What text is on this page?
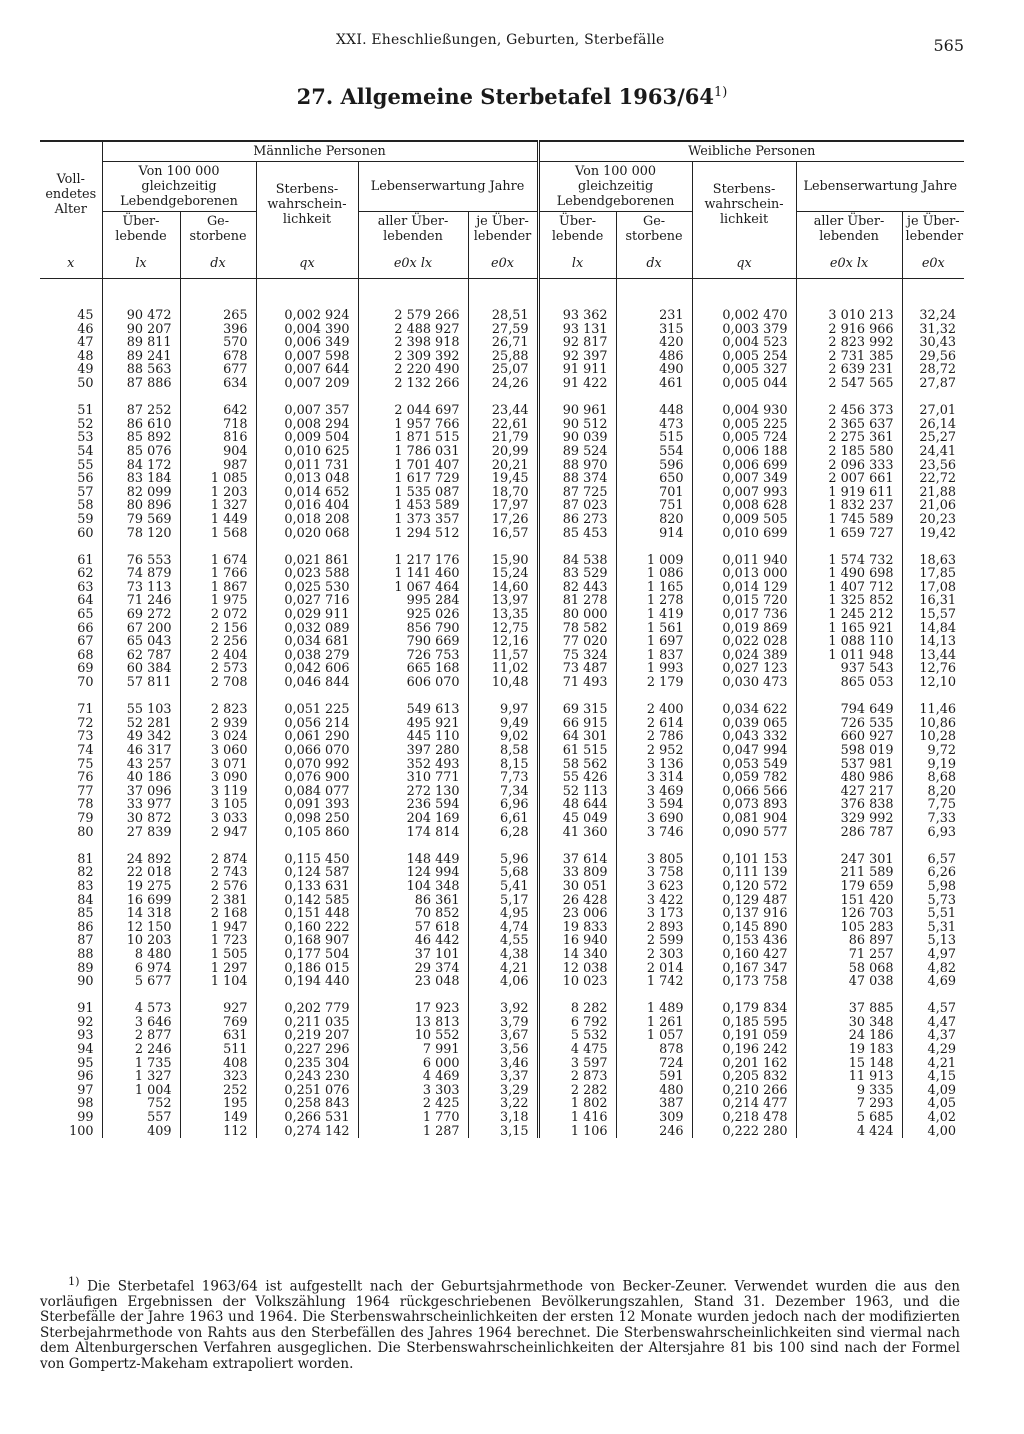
XXI. Eheschließungen, Geburten, Sterbefälle	565
27. Allgemeine Sterbetafel 1963/64$^{1)}$
Voll-endetes Alter	Männliche Personen					Weibliche Personen				
	Von 100 000 gleichzeitig Lebendgeborenen		Sterbens-wahrschein-lichkeit	Lebenserwartung Jahre		Von 100 000 gleichzeitig Lebendgeborenen		Sterbens-wahrschein-lichkeit	Lebenserwartung Jahre	
	Über-lebende	Ge-storbene		aller Über-lebenden	je Über-lebender	Über-lebende	Ge-storbene		aller Über-lebenden	je Über-lebender
x	lx	dx	qx	e0x lx	e0x	lx	dx	qx	e0x lx	e0x

45	90 472	265	0,002 924	2 579 266	28,51	93 362	231	0,002 470	3 010 213	32,24
46	90 207	396	0,004 390	2 488 927	27,59	93 131	315	0,003 379	2 916 966	31,32
47	89 811	570	0,006 349	2 398 918	26,71	92 817	420	0,004 523	2 823 992	30,43
48	89 241	678	0,007 598	2 309 392	25,88	92 397	486	0,005 254	2 731 385	29,56
49	88 563	677	0,007 644	2 220 490	25,07	91 911	490	0,005 327	2 639 231	28,72
50	87 886	634	0,007 209	2 132 266	24,26	91 422	461	0,005 044	2 547 565	27,87

51	87 252	642	0,007 357	2 044 697	23,44	90 961	448	0,004 930	2 456 373	27,01
52	86 610	718	0,008 294	1 957 766	22,61	90 512	473	0,005 225	2 365 637	26,14
53	85 892	816	0,009 504	1 871 515	21,79	90 039	515	0,005 724	2 275 361	25,27
54	85 076	904	0,010 625	1 786 031	20,99	89 524	554	0,006 188	2 185 580	24,41
55	84 172	987	0,011 731	1 701 407	20,21	88 970	596	0,006 699	2 096 333	23,56
56	83 184	1 085	0,013 048	1 617 729	19,45	88 374	650	0,007 349	2 007 661	22,72
57	82 099	1 203	0,014 652	1 535 087	18,70	87 725	701	0,007 993	1 919 611	21,88
58	80 896	1 327	0,016 404	1 453 589	17,97	87 023	751	0,008 628	1 832 237	21,06
59	79 569	1 449	0,018 208	1 373 357	17,26	86 273	820	0,009 505	1 745 589	20,23
60	78 120	1 568	0,020 068	1 294 512	16,57	85 453	914	0,010 699	1 659 727	19,42

61	76 553	1 674	0,021 861	1 217 176	15,90	84 538	1 009	0,011 940	1 574 732	18,63
62	74 879	1 766	0,023 588	1 141 460	15,24	83 529	1 086	0,013 000	1 490 698	17,85
63	73 113	1 867	0,025 530	1 067 464	14,60	82 443	1 165	0,014 129	1 407 712	17,08
64	71 246	1 975	0,027 716	995 284	13,97	81 278	1 278	0,015 720	1 325 852	16,31
65	69 272	2 072	0,029 911	925 026	13,35	80 000	1 419	0,017 736	1 245 212	15,57
66	67 200	2 156	0,032 089	856 790	12,75	78 582	1 561	0,019 869	1 165 921	14,84
67	65 043	2 256	0,034 681	790 669	12,16	77 020	1 697	0,022 028	1 088 110	14,13
68	62 787	2 404	0,038 279	726 753	11,57	75 324	1 837	0,024 389	1 011 948	13,44
69	60 384	2 573	0,042 606	665 168	11,02	73 487	1 993	0,027 123	937 543	12,76
70	57 811	2 708	0,046 844	606 070	10,48	71 493	2 179	0,030 473	865 053	12,10

71	55 103	2 823	0,051 225	549 613	9,97	69 315	2 400	0,034 622	794 649	11,46
72	52 281	2 939	0,056 214	495 921	9,49	66 915	2 614	0,039 065	726 535	10,86
73	49 342	3 024	0,061 290	445 110	9,02	64 301	2 786	0,043 332	660 927	10,28
74	46 317	3 060	0,066 070	397 280	8,58	61 515	2 952	0,047 994	598 019	9,72
75	43 257	3 071	0,070 992	352 493	8,15	58 562	3 136	0,053 549	537 981	9,19
76	40 186	3 090	0,076 900	310 771	7,73	55 426	3 314	0,059 782	480 986	8,68
77	37 096	3 119	0,084 077	272 130	7,34	52 113	3 469	0,066 566	427 217	8,20
78	33 977	3 105	0,091 393	236 594	6,96	48 644	3 594	0,073 893	376 838	7,75
79	30 872	3 033	0,098 250	204 169	6,61	45 049	3 690	0,081 904	329 992	7,33
80	27 839	2 947	0,105 860	174 814	6,28	41 360	3 746	0,090 577	286 787	6,93

81	24 892	2 874	0,115 450	148 449	5,96	37 614	3 805	0,101 153	247 301	6,57
82	22 018	2 743	0,124 587	124 994	5,68	33 809	3 758	0,111 139	211 589	6,26
83	19 275	2 576	0,133 631	104 348	5,41	30 051	3 623	0,120 572	179 659	5,98
84	16 699	2 381	0,142 585	86 361	5,17	26 428	3 422	0,129 487	151 420	5,73
85	14 318	2 168	0,151 448	70 852	4,95	23 006	3 173	0,137 916	126 703	5,51
86	12 150	1 947	0,160 222	57 618	4,74	19 833	2 893	0,145 890	105 283	5,31
87	10 203	1 723	0,168 907	46 442	4,55	16 940	2 599	0,153 436	86 897	5,13
88	8 480	1 505	0,177 504	37 101	4,38	14 340	2 303	0,160 427	71 257	4,97
89	6 974	1 297	0,186 015	29 374	4,21	12 038	2 014	0,167 347	58 068	4,82
90	5 677	1 104	0,194 440	23 048	4,06	10 023	1 742	0,173 758	47 038	4,69

91	4 573	927	0,202 779	17 923	3,92	8 282	1 489	0,179 834	37 885	4,57
92	3 646	769	0,211 035	13 813	3,79	6 792	1 261	0,185 595	30 348	4,47
93	2 877	631	0,219 207	10 552	3,67	5 532	1 057	0,191 059	24 186	4,37
94	2 246	511	0,227 296	7 991	3,56	4 475	878	0,196 242	19 183	4,29
95	1 735	408	0,235 304	6 000	3,46	3 597	724	0,201 162	15 148	4,21
96	1 327	323	0,243 230	4 469	3,37	2 873	591	0,205 832	11 913	4,15
97	1 004	252	0,251 076	3 303	3,29	2 282	480	0,210 266	9 335	4,09
98	752	195	0,258 843	2 425	3,22	1 802	387	0,214 477	7 293	4,05
99	557	149	0,266 531	1 770	3,18	1 416	309	0,218 478	5 685	4,02
100	409	112	0,274 142	1 287	3,15	1 106	246	0,222 280	4 424	4,00

$^{1)}$ Die Sterbetafel 1963/64 ist aufgestellt nach der Geburtsjahrmethode von Becker-Zeuner. Verwendet wurden die aus den vorläufigen Ergebnissen der Volkszählung 1964 rückgeschriebenen Bevölkerungszahlen, Stand 31. Dezember 1963, und die Sterbefälle der Jahre 1963 und 1964. Die Sterbenswahrscheinlichkeiten der ersten 12 Monate wurden jedoch nach der modifizierten Sterbejahrmethode von Rahts aus den Sterbefällen des Jahres 1964 berechnet. Die Sterbenswahrscheinlichkeiten sind viermal nach dem Altenburgerschen Verfahren ausgeglichen. Die Sterbenswahrscheinlichkeiten der Altersjahre 81 bis 100 sind nach der Formel von Gompertz-Makeham extrapoliert worden.
